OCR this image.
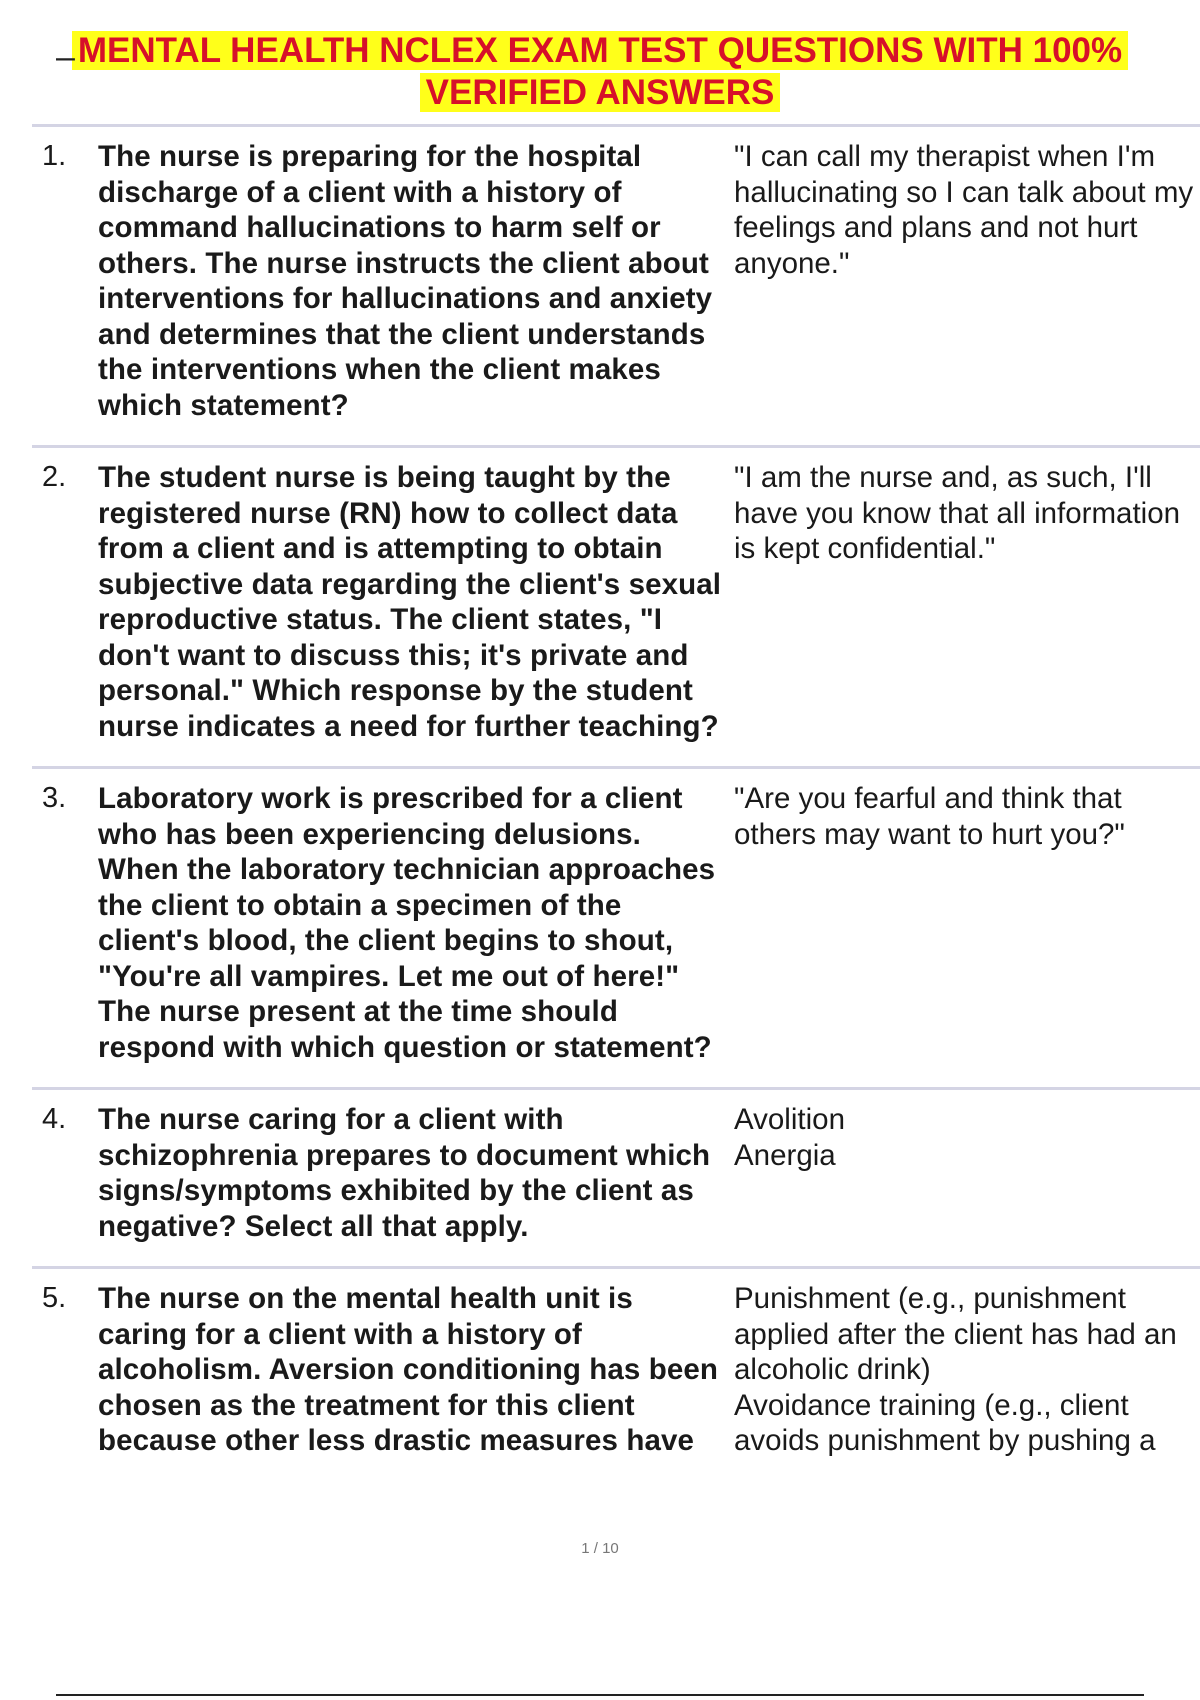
– MENTAL HEALTH NCLEX EXAM TEST QUESTIONS WITH 100%
VERIFIED ANSWERS
1. The nurse is preparing for the hospital discharge of a client with a history of command hallucinations to harm self or others. The nurse instructs the client about interventions for hallucinations and anxiety and determines that the client understands the interventions when the client makes which statement?
"I can call my therapist when I'm hallucinating so I can talk about my feelings and plans and not hurt anyone."
2. The student nurse is being taught by the registered nurse (RN) how to collect data from a client and is attempting to obtain subjective data regarding the client's sexual reproductive status. The client states, "I don't want to discuss this; it's private and personal." Which response by the student nurse indicates a need for further teaching?
"I am the nurse and, as such, I'll have you know that all information is kept confidential."
3. Laboratory work is prescribed for a client who has been experiencing delusions. When the laboratory technician approaches the client to obtain a specimen of the client's blood, the client begins to shout, "You're all vampires. Let me out of here!" The nurse present at the time should respond with which question or statement?
"Are you fearful and think that others may want to hurt you?"
4. The nurse caring for a client with schizophrenia prepares to document which signs/symptoms exhibited by the client as negative? Select all that apply.
Avolition
Anergia
5. The nurse on the mental health unit is caring for a client with a history of alcoholism. Aversion conditioning has been chosen as the treatment for this client because other less drastic measures have
Punishment (e.g., punishment applied after the client has had an alcoholic drink)
Avoidance training (e.g., client avoids punishment by pushing a
1 / 10
